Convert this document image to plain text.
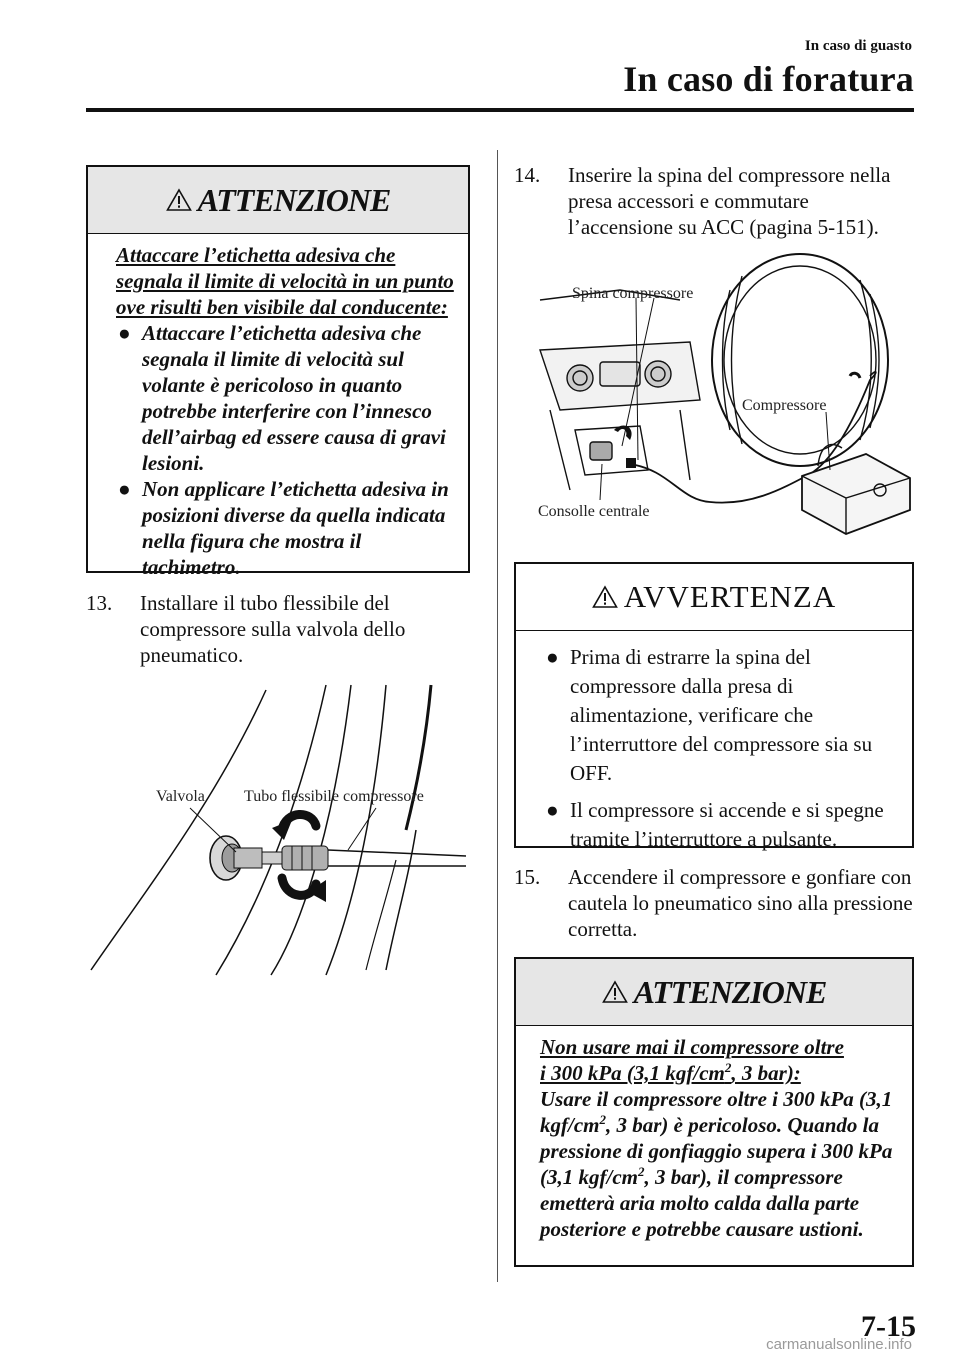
In caso di guasto
In caso di foratura
ATTENZIONE
Attaccare l’etichetta adesiva che
segnala il limite di velocità in un punto
ove risulti ben visibile dal conducente:
● Attaccare l’etichetta adesiva che segnala il limite di velocità sul volante è pericoloso in quanto potrebbe interferire con l’innesco dell’airbag ed essere causa di gravi lesioni.
● Non applicare l’etichetta adesiva in posizioni diverse da quella indicata nella figura che mostra il tachimetro.
13.	Installare il tubo flessibile del compressore sulla valvola dello pneumatico.
Valvola Tubo flessibile compressore
14.	Inserire la spina del compressore nella presa accessori e commutare l’accensione su ACC (pagina 5-151).
Spina compressore
Compressore
Consolle centrale
AVVERTENZA
● Prima di estrarre la spina del compressore dalla presa di alimentazione, verificare che l’interruttore del compressore sia su OFF.
● Il compressore si accende e si spegne tramite l’interruttore a pulsante.
15.	Accendere il compressore e gonfiare con cautela lo pneumatico sino alla pressione corretta.
ATTENZIONE
Non usare mai il compressore oltre
i 300 kPa (3,1 kgf/$cm^2$, 3 bar):
Usare il compressore oltre i 300 kPa (3,1 kgf/$cm^2$, 3 bar) è pericoloso. Quando la pressione di gonfiaggio supera i 300 kPa (3,1 kgf/$cm^2$, 3 bar), il compressore emetterà aria molto calda dalla parte posteriore e potrebbe causare ustioni.
7-15
carmanualsonline.info
